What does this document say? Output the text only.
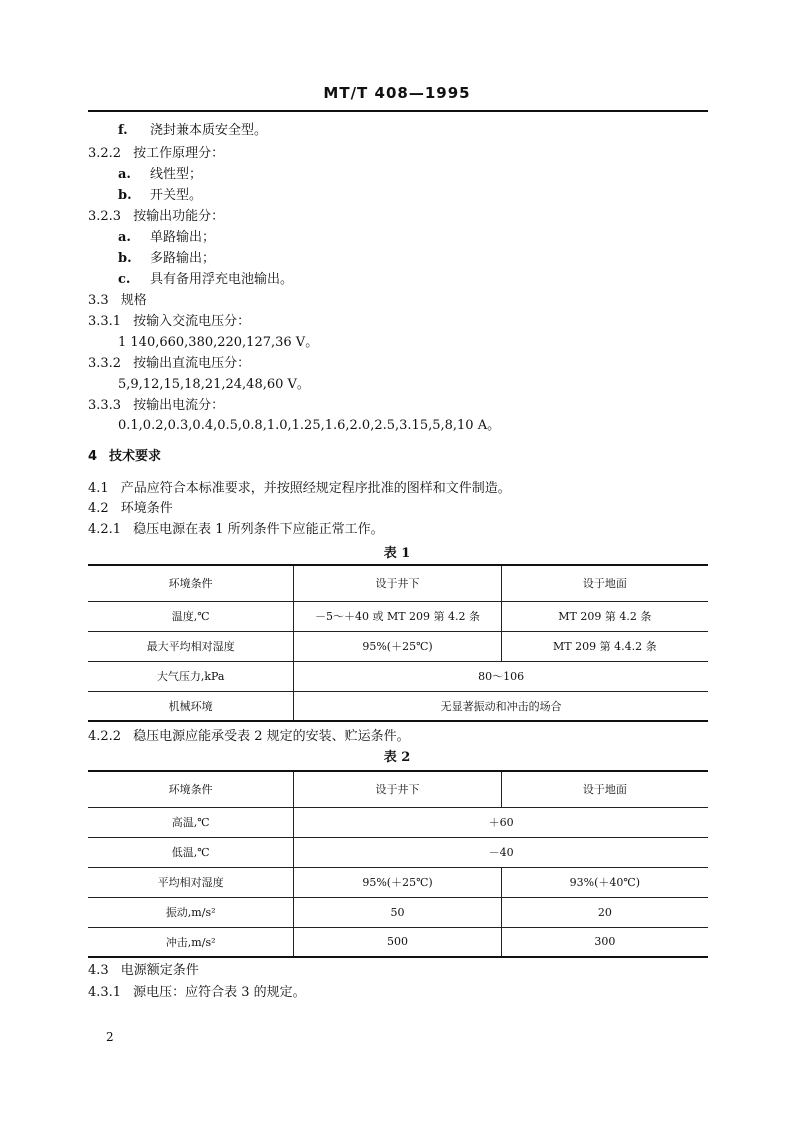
MT/T 408—1995
f. 浇封兼本质安全型。
3.2.2 按工作原理分：
a. 线性型；
b. 开关型。
3.2.3 按输出功能分：
a. 单路输出；
b. 多路输出；
c. 具有备用浮充电池输出。
3.3 规格
3.3.1 按输入交流电压分：
1 140,660,380,220,127,36 V。
3.3.2 按输出直流电压分：
5,9,12,15,18,21,24,48,60 V。
3.3.3 按输出电流分：
0.1,0.2,0.3,0.4,0.5,0.8,1.0,1.25,1.6,2.0,2.5,3.15,5,8,10 A。
4 技术要求
4.1 产品应符合本标准要求，并按照经规定程序批准的图样和文件制造。
4.2 环境条件
4.2.1 稳压电源在表 1 所列条件下应能正常工作。
表 1
环境条件	设于井下	设于地面
温度,℃	－5～＋40 或 MT 209 第 4.2 条	MT 209 第 4.2 条
最大平均相对湿度	95%(＋25℃)	MT 209 第 4.4.2 条
大气压力,kPa	80～106	
机械环境	无显著振动和冲击的场合	
4.2.2 稳压电源应能承受表 2 规定的安装、贮运条件。
表 2
环境条件	设于井下	设于地面
高温,℃	＋60	
低温,℃	－40	
平均相对湿度	95%(＋25℃)	93%(＋40℃)
振动,m/s²	50	20
冲击,m/s²	500	300
4.3 电源额定条件
4.3.1 源电压：应符合表 3 的规定。
2
